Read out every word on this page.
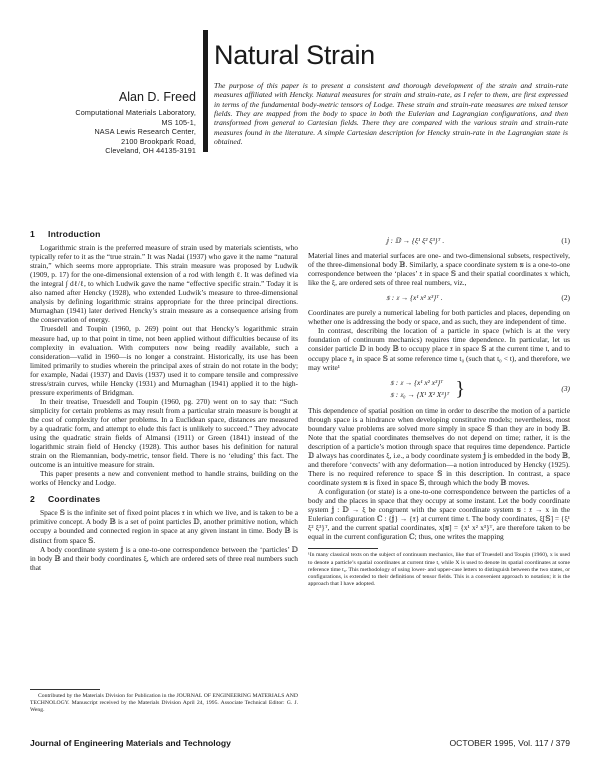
Natural Strain
Alan D. Freed
Computational Materials Laboratory,
MS 105-1,
NASA Lewis Research Center,
2100 Brookpark Road,
Cleveland, OH 44135-3191

The purpose of this paper is to present a consistent and thorough development of the strain and strain-rate measures affiliated with Hencky. Natural measures for strain and strain-rate, as I refer to them, are first expressed in terms of the fundamental body-metric tensors of Lodge. These strain and strain-rate measures are mixed tensor fields. They are mapped from the body to space in both the Eulerian and Lagrangian configurations, and then transformed from general to Cartesian fields. There they are compared with the various strain and strain-rate measures found in the literature. A simple Cartesian description for Hencky strain-rate in the Lagrangian state is obtained.

1 Introduction

Logarithmic strain is the preferred measure of strain used by materials scientists, who typically refer to it as the “true strain.” It was Nadai (1937) who gave it the name “natural strain,” which seems more appropriate. This strain measure was proposed by Ludwik (1909, p. 17) for the one-dimensional extension of a rod with length ℓ. It was defined via the integral ∫ dℓ/ℓ, to which Ludwik gave the name “effective specific strain.” Today it is also named after Hencky (1928), who extended Ludwik’s measure to three-dimensional analysis by defining logarithmic strains appropriate for the three principal directions. Murnaghan (1941) later derived Hencky’s strain measure as a consequence arising from the conservation of energy.

Truesdell and Toupin (1960, p. 269) point out that Hencky’s logarithmic strain measure had, up to that point in time, not been applied without difficulties because of its complexity in evaluation. With computers now being readily available, such a consideration—valid in 1960—is no longer a constraint. Historically, its use has been limited primarily to studies wherein the principal axes of strain do not rotate in the body; for example, Nadai (1937) and Davis (1937) used it to compare tensile and compressive stress/strain curves, while Hencky (1931) and Murnaghan (1941) applied it to the high-pressure experiments of Bridgman.

In their treatise, Truesdell and Toupin (1960, pg. 270) went on to say that: “Such simplicity for certain problems as may result from a particular strain measure is bought at the cost of complexity for other problems. In a Euclidean space, distances are measured by a quadratic form, and attempt to elude this fact is unlikely to succeed.” They advocate using the quadratic strain fields of Almansi (1911) or Green (1841) instead of the logarithmic strain field of Hencky (1928). This author bases his definition for natural strain on the Riemannian, body-metric, tensor field. There is no ‘eluding’ this fact. The outcome is an intuitive measure for strain.

This paper presents a new and convenient method to handle strains, building on the works of Hencky and Lodge.

2 Coordinates

Space 𝕊 is the infinite set of fixed point places 𝔵 in which we live, and is taken to be a primitive concept. A body 𝔹 is a set of point particles 𝔻, another primitive notion, which occupy a bounded and connected region in space at any given instant in time. Body 𝔹 is distinct from space 𝕊.

A body coordinate system 𝕛 is a one-to-one correspondence between the ‘particles’ 𝔻 in body 𝔹 and their body coordinates ξ, which are ordered sets of three real numbers such that

𝕛 : 𝔻 → {ξ¹ ξ² ξ³}ᵀ .	(1)

Material lines and material surfaces are one- and two-dimensional subsets, respectively, of the three-dimensional body 𝔹. Similarly, a space coordinate system 𝕤 is a one-to-one correspondence between the ‘places’ 𝔵 in space 𝕊 and their spatial coordinates x which, like the ξ, are ordered sets of three real numbers, viz.,

𝕤 : 𝔵 → {x¹ x² x³}ᵀ .	(2)

Coordinates are purely a numerical labeling for both particles and places, depending on whether one is addressing the body or space, and as such, they are independent of time.

In contrast, describing the location of a particle in space (which is at the very foundation of continuum mechanics) requires time dependence. In particular, let us consider particle 𝔻 in body 𝔹 to occupy place 𝔵 in space 𝕊 at the current time t, and to occupy place 𝔵₀ in space 𝕊 at some reference time t₀ (such that t₀ < t), and therefore, we may write¹

𝕤 : 𝔵 → {x¹ x² x³}ᵀ
𝕤 : 𝔵₀ → {X¹ X² X³}ᵀ }	(3)

This dependence of spatial position on time in order to describe the motion of a particle through space is a hindrance when developing constitutive models; nevertheless, most boundary value problems are solved more simply in space 𝕊 than they are in body 𝔹. Note that the spatial coordinates themselves do not depend on time; rather, it is the description of a particle’s motion through space that requires time dependence. Particle 𝔻 always has coordinates ξ, i.e., a body coordinate system 𝕛 is embedded in the body 𝔹, and therefore ‘convects’ with any deformation—a notion introduced by Hencky (1925). There is no required reference to space 𝕊 in this description. In contrast, a space coordinate system 𝕤 is fixed in space 𝕊, through which the body 𝔹 moves.

A configuration (or state) is a one-to-one correspondence between the particles of a body and the places in space that they occupy at some instant. Let the body coordinate system 𝕛 : 𝔻 → ξ be congruent with the space coordinate system 𝕤 : 𝔵 → x in the Eulerian configuration ℂ : {𝕛} → {𝔵} at current time t. The body coordinates, ξ[𝕊] = {ξ¹ ξ² ξ³}ᵀ, and the current spatial coordinates, x[𝕤] = {x¹ x² x³}ᵀ, are therefore taken to be equal in the current configuration ℂ; thus, one writes the mapping

¹In many classical texts on the subject of continuum mechanics, like that of Truesdell and Toupin (1960), x is used to denote a particle’s spatial coordinates at current time t, while X is used to denote its spatial coordinates at some reference time t₀. This methodology of using lower- and upper-case letters to distinguish between the two states, or configurations, is extended to their definitions of tensor fields. This is a convenient approach to notation; it is the approach that I have adopted.

Contributed by the Materials Division for Publication in the JOURNAL OF ENGINEERING MATERIALS AND TECHNOLOGY. Manuscript received by the Materials Division April 24, 1995. Associate Technical Editor: G. J. Weng.

Journal of Engineering Materials and Technology	OCTOBER 1995, Vol. 117 / 379
